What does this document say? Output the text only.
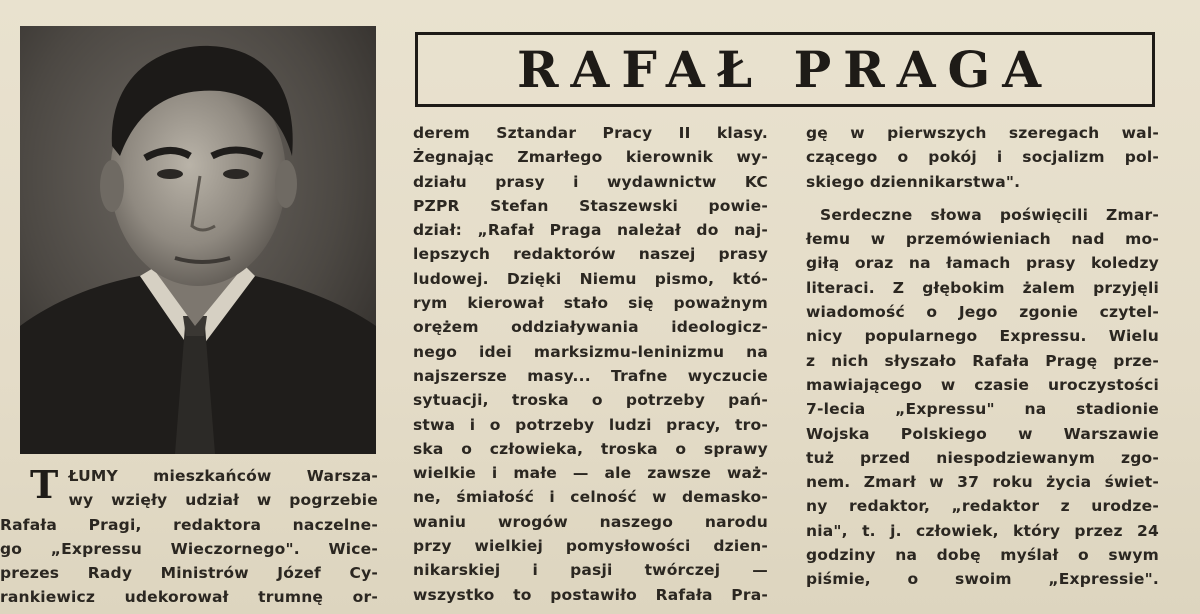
RAFAŁ PRAGA
T ŁUMY mieszkańców Warsza-
wy wzięły udział w pogrzebie
Rafała Pragi, redaktora naczelne-
go „Expressu Wieczornego". Wice-
prezes Rady Ministrów Józef Cy-
rankiewicz udekorował trumnę or-
derem Sztandar Pracy II klasy.
Żegnając Zmarłego kierownik wy-
działu prasy i wydawnictw KC
PZPR Stefan Staszewski powie-
dział: „Rafał Praga należał do naj-
lepszych redaktorów naszej prasy
ludowej. Dzięki Niemu pismo, któ-
rym kierował stało się poważnym
orężem oddziaływania ideologicz-
nego idei marksizmu-leninizmu na
najszersze masy... Trafne wyczucie
sytuacji, troska o potrzeby pań-
stwa i o potrzeby ludzi pracy, tro-
ska o człowieka, troska o sprawy
wielkie i małe — ale zawsze waż-
ne, śmiałość i celność w demasko-
waniu wrogów naszego narodu
przy wielkiej pomysłowości dzien-
nikarskiej i pasji twórczej —
wszystko to postawiło Rafała Pra-
gę w pierwszych szeregach wal-
czącego o pokój i socjalizm pol-
skiego dziennikarstwa".
Serdeczne słowa poświęcili Zmar-
łemu w przemówieniach nad mo-
giłą oraz na łamach prasy koledzy
literaci. Z głębokim żalem przyjęli
wiadomość o Jego zgonie czytel-
nicy popularnego Expressu. Wielu
z nich słyszało Rafała Pragę prze-
mawiającego w czasie uroczystości
7-lecia „Expressu" na stadionie
Wojska Polskiego w Warszawie
tuż przed niespodziewanym zgo-
nem. Zmarł w 37 roku życia świet-
ny redaktor, „redaktor z urodze-
nia", t. j. człowiek, który przez 24
godziny na dobę myślał o swym
piśmie, o swoim „Expressie".
